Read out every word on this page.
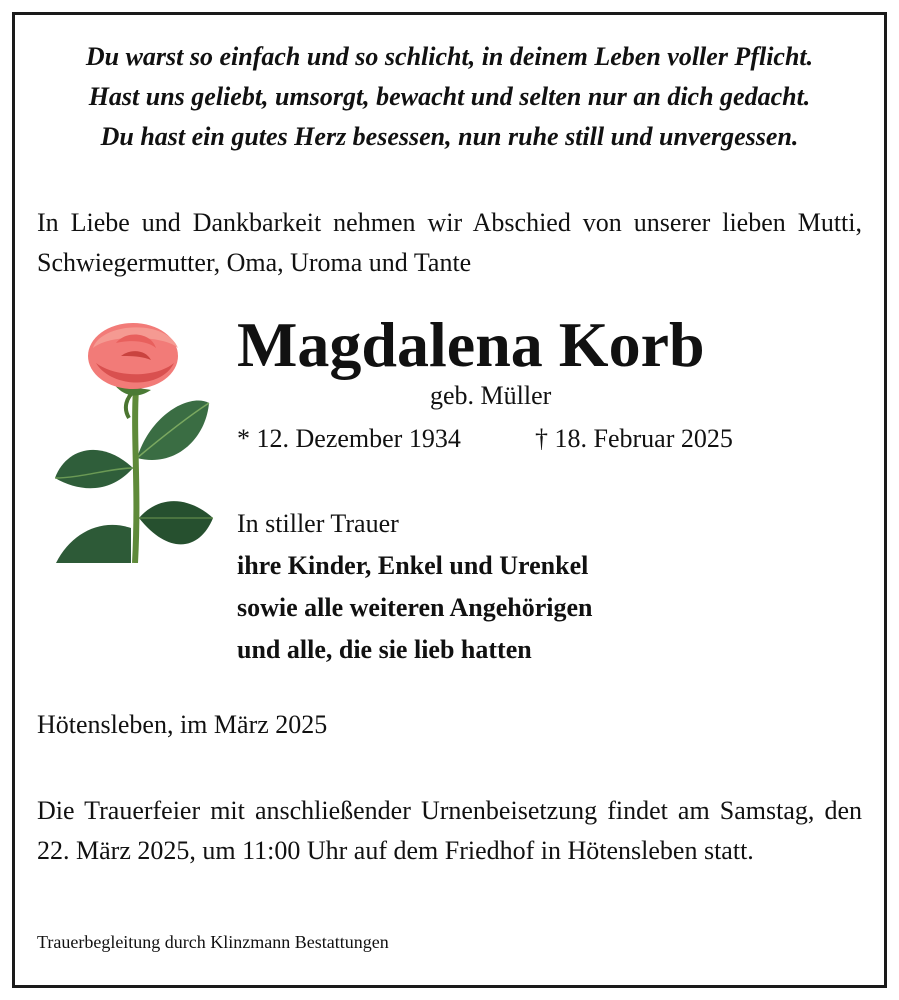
Du warst so einfach und so schlicht, in deinem Leben voller Pflicht.
Hast uns geliebt, umsorgt, bewacht und selten nur an dich gedacht.
Du hast ein gutes Herz besessen, nun ruhe still und unvergessen.
In Liebe und Dankbarkeit nehmen wir Abschied von unserer lieben Mutti, Schwiegermutter, Oma, Uroma und Tante
Magdalena Korb
geb. Müller
* 12. Dezember 1934	† 18. Februar 2025
In stiller Trauer
ihre Kinder, Enkel und Urenkel
sowie alle weiteren Angehörigen
und alle, die sie lieb hatten
Hötensleben, im März 2025
Die Trauerfeier mit anschließender Urnenbeisetzung findet am Samstag, den 22. März 2025, um 11:00 Uhr auf dem Friedhof in Hötensleben statt.
Trauerbegleitung durch Klinzmann Bestattungen
